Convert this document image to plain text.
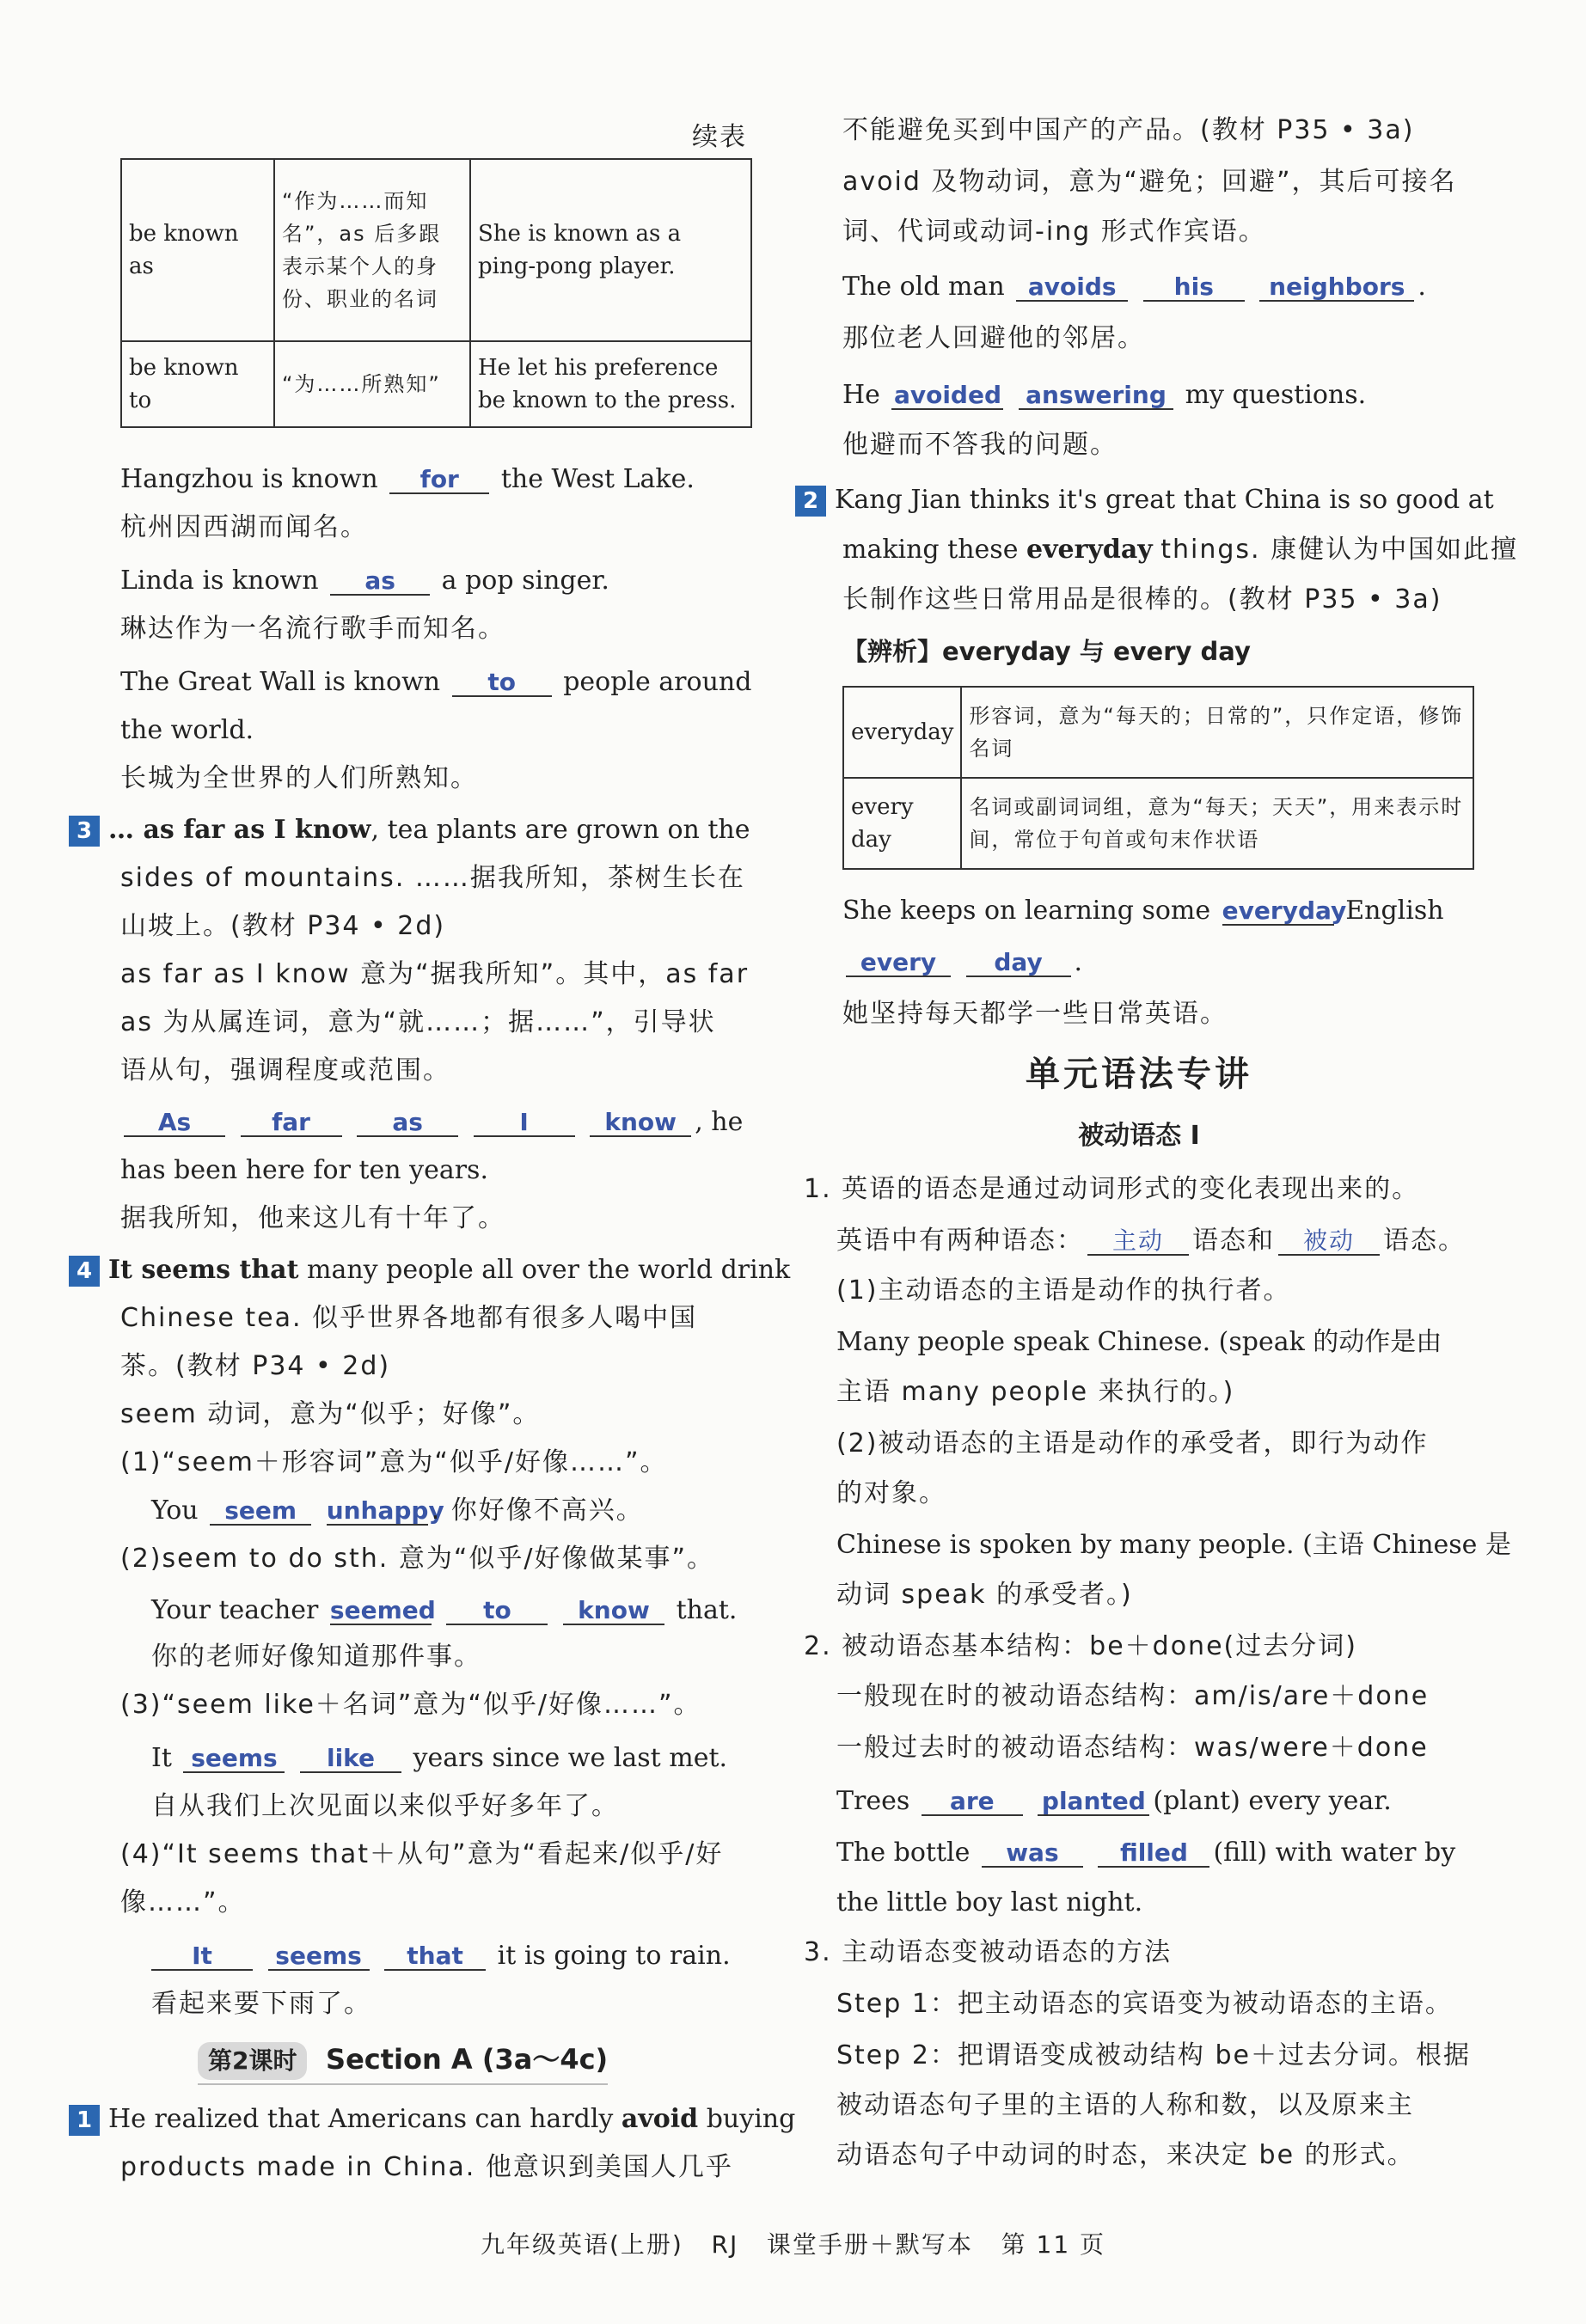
续表
be known as	“作为……而知名”，as 后多跟表示某个人的身份、职业的名词	She is known as a ping-pong player.
be known to	“为……所熟知”	He let his preference be known to the press.
Hangzhou is known for the West Lake.
杭州因西湖而闻名。
Linda is known as a pop singer.
琳达作为一名流行歌手而知名。
The Great Wall is known to people around
the world.
长城为全世界的人们所熟知。
3 … as far as I know, tea plants are grown on the
sides of mountains. ……据我所知，茶树生长在
山坡上。(教材 P34 • 2d)
as far as I know 意为“据我所知”。其中，as far
as 为从属连词，意为“就……；据……”，引导状
语从句，强调程度或范围。
As	far	as	I	know , he
has been here for ten years.
据我所知，他来这儿有十年了。
4 It seems that many people all over the world drink
Chinese tea. 似乎世界各地都有很多人喝中国
茶。(教材 P34 • 2d)
seem 动词，意为“似乎；好像”。
(1)“seem＋形容词”意为“似乎/好像……”。
You seem unhappy. 你好像不高兴。
(2)seem to do sth. 意为“似乎/好像做某事”。
Your teacher seemed to	know that.
你的老师好像知道那件事。
(3)“seem like＋名词”意为“似乎/好像……”。
It seems like years since we last met.
自从我们上次见面以来似乎好多年了。
(4)“It seems that＋从句”意为“看起来/似乎/好
像……”。
It	seems that it is going to rain.
看起来要下雨了。
第2课时 Section A (3a～4c)
1 He realized that Americans can hardly avoid buying
products made in China. 他意识到美国人几乎
不能避免买到中国产的产品。(教材 P35 • 3a)
avoid 及物动词，意为“避免；回避”，其后可接名
词、代词或动词-ing 形式作宾语。
The old man avoids his neighbors .
那位老人回避他的邻居。
He avoided answering my questions.
他避而不答我的问题。
2 Kang Jian thinks it's great that China is so good at
making these everyday things. 康健认为中国如此擅
长制作这些日常用品是很棒的。(教材 P35 • 3a)
【辨析】everyday 与 every day
everyday	形容词，意为“每天的；日常的”，只作定语，修饰名词
every day	名词或副词词组，意为“每天；天天”，用来表示时间，常位于句首或句末作状语
She keeps on learning some everyday English
every day .
她坚持每天都学一些日常英语。
单元语法专讲
被动语态 I
1. 英语的语态是通过动词形式的变化表现出来的。
英语中有两种语态： 主动 语态和 被动 语态。
(1)主动语态的主语是动作的执行者。
Many people speak Chinese. (speak 的动作是由
主语 many people 来执行的。)
(2)被动语态的主语是动作的承受者，即行为动作
的对象。
Chinese is spoken by many people. (主语 Chinese 是
动词 speak 的承受者。)
2. 被动语态基本结构：be＋done(过去分词)
一般现在时的被动语态结构：am/is/are＋done
一般过去时的被动语态结构：was/were＋done
Trees are planted (plant) every year.
The bottle was	filled (fill) with water by
the little boy last night.
3. 主动语态变被动语态的方法
Step 1：把主动语态的宾语变为被动语态的主语。
Step 2：把谓语变成被动结构 be＋过去分词。根据
被动语态句子里的主语的人称和数，以及原来主
动语态句子中动词的时态，来决定 be 的形式。
九年级英语(上册)   RJ   课堂手册＋默写本   第 11 页
